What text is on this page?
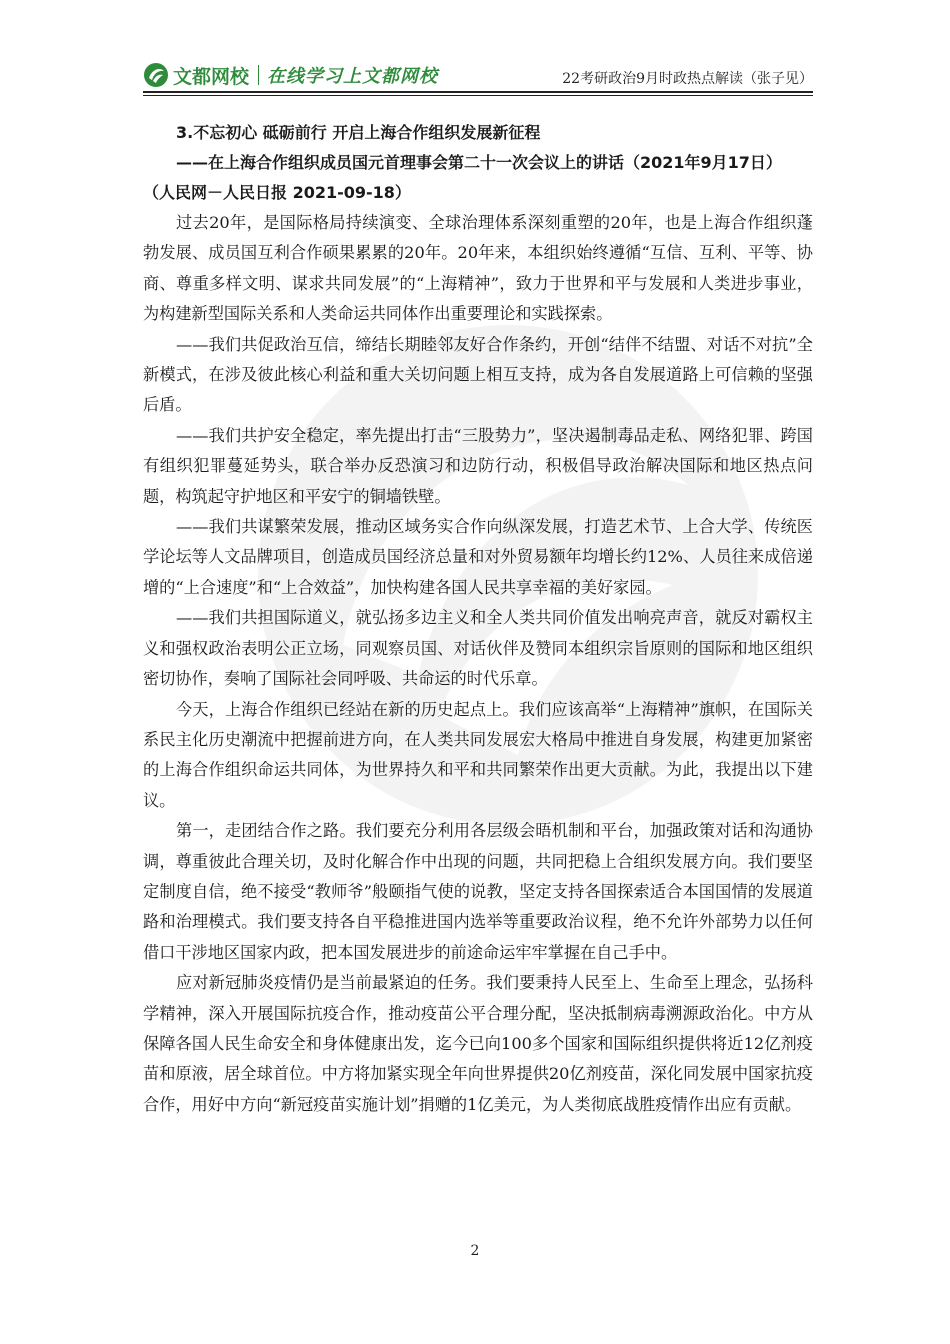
文都网校 在线学习上文都网校	22考研政治9月时政热点解读（张子见）
3.不忘初心 砥砺前行 开启上海合作组织发展新征程
——在上海合作组织成员国元首理事会第二十一次会议上的讲话（2021年9月17日）
（人民网－人民日报 2021-09-18）

过去20年，是国际格局持续演变、全球治理体系深刻重塑的20年，也是上海合作组织蓬勃发展、成员国互利合作硕果累累的20年。20年来，本组织始终遵循“互信、互利、平等、协商、尊重多样文明、谋求共同发展”的“上海精神”，致力于世界和平与发展和人类进步事业，为构建新型国际关系和人类命运共同体作出重要理论和实践探索。

——我们共促政治互信，缔结长期睦邻友好合作条约，开创“结伴不结盟、对话不对抗”全新模式，在涉及彼此核心利益和重大关切问题上相互支持，成为各自发展道路上可信赖的坚强后盾。

——我们共护安全稳定，率先提出打击“三股势力”，坚决遏制毒品走私、网络犯罪、跨国有组织犯罪蔓延势头，联合举办反恐演习和边防行动，积极倡导政治解决国际和地区热点问题，构筑起守护地区和平安宁的铜墙铁壁。

——我们共谋繁荣发展，推动区域务实合作向纵深发展，打造艺术节、上合大学、传统医学论坛等人文品牌项目，创造成员国经济总量和对外贸易额年均增长约12%、人员往来成倍递增的“上合速度”和“上合效益”，加快构建各国人民共享幸福的美好家园。

——我们共担国际道义，就弘扬多边主义和全人类共同价值发出响亮声音，就反对霸权主义和强权政治表明公正立场，同观察员国、对话伙伴及赞同本组织宗旨原则的国际和地区组织密切协作，奏响了国际社会同呼吸、共命运的时代乐章。

今天，上海合作组织已经站在新的历史起点上。我们应该高举“上海精神”旗帜，在国际关系民主化历史潮流中把握前进方向，在人类共同发展宏大格局中推进自身发展，构建更加紧密的上海合作组织命运共同体，为世界持久和平和共同繁荣作出更大贡献。为此，我提出以下建议。

第一，走团结合作之路。我们要充分利用各层级会晤机制和平台，加强政策对话和沟通协调，尊重彼此合理关切，及时化解合作中出现的问题，共同把稳上合组织发展方向。我们要坚定制度自信，绝不接受“教师爷”般颐指气使的说教，坚定支持各国探索适合本国国情的发展道路和治理模式。我们要支持各自平稳推进国内选举等重要政治议程，绝不允许外部势力以任何借口干涉地区国家内政，把本国发展进步的前途命运牢牢掌握在自己手中。

应对新冠肺炎疫情仍是当前最紧迫的任务。我们要秉持人民至上、生命至上理念，弘扬科学精神，深入开展国际抗疫合作，推动疫苗公平合理分配，坚决抵制病毒溯源政治化。中方从保障各国人民生命安全和身体健康出发，迄今已向100多个国家和国际组织提供将近12亿剂疫苗和原液，居全球首位。中方将加紧实现全年向世界提供20亿剂疫苗，深化同发展中国家抗疫合作，用好中方向“新冠疫苗实施计划”捐赠的1亿美元，为人类彻底战胜疫情作出应有贡献。

2
